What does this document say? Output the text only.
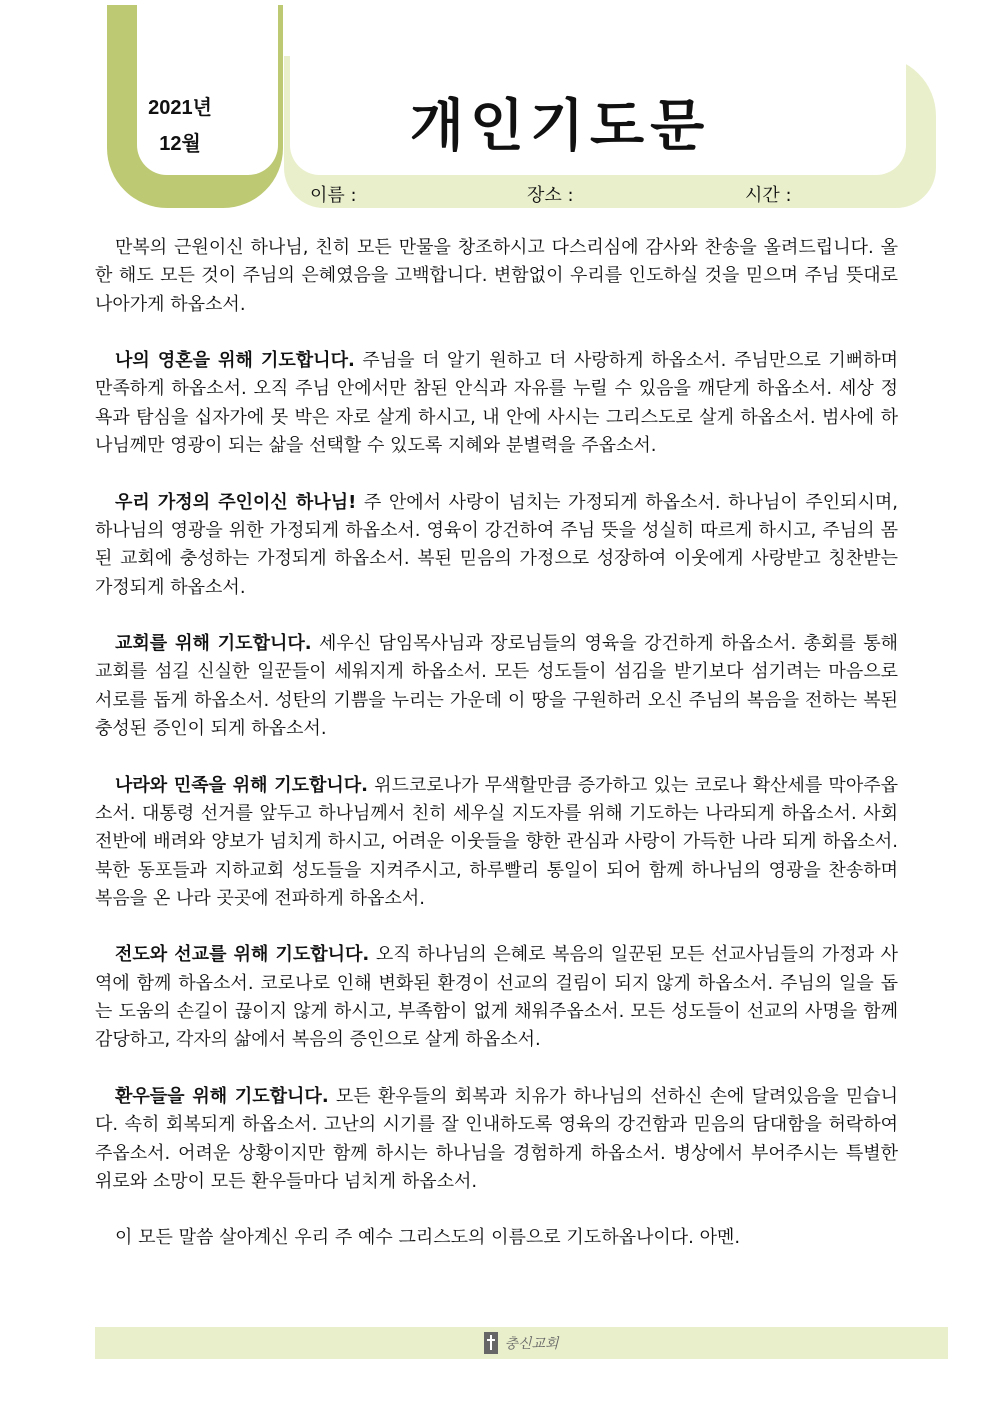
2021년
12월	개인기도문
이름 :	장소 :	시간 :

만복의 근원이신 하나님, 친히 모든 만물을 창조하시고 다스리심에 감사와 찬송을 올려드립니다. 올 한 해도 모든 것이 주님의 은혜였음을 고백합니다. 변함없이 우리를 인도하실 것을 믿으며 주님 뜻대로 나아가게 하옵소서.

나의 영혼을 위해 기도합니다. 주님을 더 알기 원하고 더 사랑하게 하옵소서. 주님만으로 기뻐하며 만족하게 하옵소서. 오직 주님 안에서만 참된 안식과 자유를 누릴 수 있음을 깨닫게 하옵소서. 세상 정욕과 탐심을 십자가에 못 박은 자로 살게 하시고, 내 안에 사시는 그리스도로 살게 하옵소서. 범사에 하나님께만 영광이 되는 삶을 선택할 수 있도록 지혜와 분별력을 주옵소서.

우리 가정의 주인이신 하나님! 주 안에서 사랑이 넘치는 가정되게 하옵소서. 하나님이 주인되시며, 하나님의 영광을 위한 가정되게 하옵소서. 영육이 강건하여 주님 뜻을 성실히 따르게 하시고, 주님의 몸된 교회에 충성하는 가정되게 하옵소서. 복된 믿음의 가정으로 성장하여 이웃에게 사랑받고 칭찬받는 가정되게 하옵소서.

교회를 위해 기도합니다. 세우신 담임목사님과 장로님들의 영육을 강건하게 하옵소서. 총회를 통해 교회를 섬길 신실한 일꾼들이 세워지게 하옵소서. 모든 성도들이 섬김을 받기보다 섬기려는 마음으로 서로를 돕게 하옵소서. 성탄의 기쁨을 누리는 가운데 이 땅을 구원하러 오신 주님의 복음을 전하는 복된 충성된 증인이 되게 하옵소서.

나라와 민족을 위해 기도합니다. 위드코로나가 무색할만큼 증가하고 있는 코로나 확산세를 막아주옵소서. 대통령 선거를 앞두고 하나님께서 친히 세우실 지도자를 위해 기도하는 나라되게 하옵소서. 사회 전반에 배려와 양보가 넘치게 하시고, 어려운 이웃들을 향한 관심과 사랑이 가득한 나라 되게 하옵소서. 북한 동포들과 지하교회 성도들을 지켜주시고, 하루빨리 통일이 되어 함께 하나님의 영광을 찬송하며 복음을 온 나라 곳곳에 전파하게 하옵소서.

전도와 선교를 위해 기도합니다. 오직 하나님의 은혜로 복음의 일꾼된 모든 선교사님들의 가정과 사역에 함께 하옵소서. 코로나로 인해 변화된 환경이 선교의 걸림이 되지 않게 하옵소서. 주님의 일을 돕는 도움의 손길이 끊이지 않게 하시고, 부족함이 없게 채워주옵소서. 모든 성도들이 선교의 사명을 함께 감당하고, 각자의 삶에서 복음의 증인으로 살게 하옵소서.

환우들을 위해 기도합니다. 모든 환우들의 회복과 치유가 하나님의 선하신 손에 달려있음을 믿습니다. 속히 회복되게 하옵소서. 고난의 시기를 잘 인내하도록 영육의 강건함과 믿음의 담대함을 허락하여 주옵소서. 어려운 상황이지만 함께 하시는 하나님을 경험하게 하옵소서. 병상에서 부어주시는 특별한 위로와 소망이 모든 환우들마다 넘치게 하옵소서.

이 모든 말씀 살아계신 우리 주 예수 그리스도의 이름으로 기도하옵나이다. 아멘.

충신교회
